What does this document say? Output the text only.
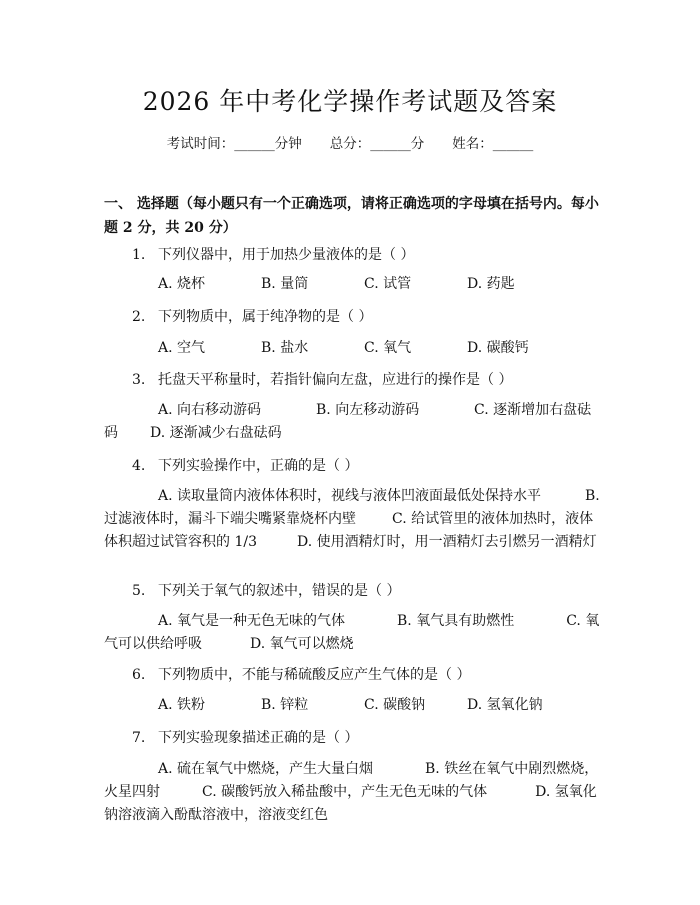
2026 年中考化学操作考试题及答案
考试时间：______分钟 总分：______分 姓名：______
一、 选择题（每小题只有一个正确选项，请将正确选项的字母填在括号内。每小题 2 分，共 20 分）
1. 下列仪器中，用于加热少量液体的是（ ）
A. 烧杯	B. 量筒	C. 试管	D. 药匙
2. 下列物质中，属于纯净物的是（ ）
A. 空气	B. 盐水	C. 氧气	D. 碳酸钙
3. 托盘天平称量时，若指针偏向左盘，应进行的操作是（ ）
A. 向右移动游码	B. 向左移动游码	C. 逐渐增加右盘砝码 D. 逐渐减少右盘砝码
4. 下列实验操作中，正确的是（ ）
A. 读取量筒内液体体积时，视线与液体凹液面最低处保持水平	B. 过滤液体时，漏斗下端尖嘴紧靠烧杯内壁	C. 给试管里的液体加热时，液体体积超过试管容积的 1/3	D. 使用酒精灯时，用一酒精灯去引燃另一酒精灯
5. 下列关于氧气的叙述中，错误的是（ ）
A. 氧气是一种无色无味的气体	B. 氧气具有助燃性	C. 氧气可以供给呼吸	D. 氧气可以燃烧
6. 下列物质中，不能与稀硫酸反应产生气体的是（ ）
A. 铁粉	B. 锌粒	C. 碳酸钠	D. 氢氧化钠
7. 下列实验现象描述正确的是（ ）
A. 硫在氧气中燃烧，产生大量白烟	B. 铁丝在氧气中剧烈燃烧，火星四射	C. 碳酸钙放入稀盐酸中，产生无色无味的气体	D. 氢氧化钠溶液滴入酚酞溶液中，溶液变红色
